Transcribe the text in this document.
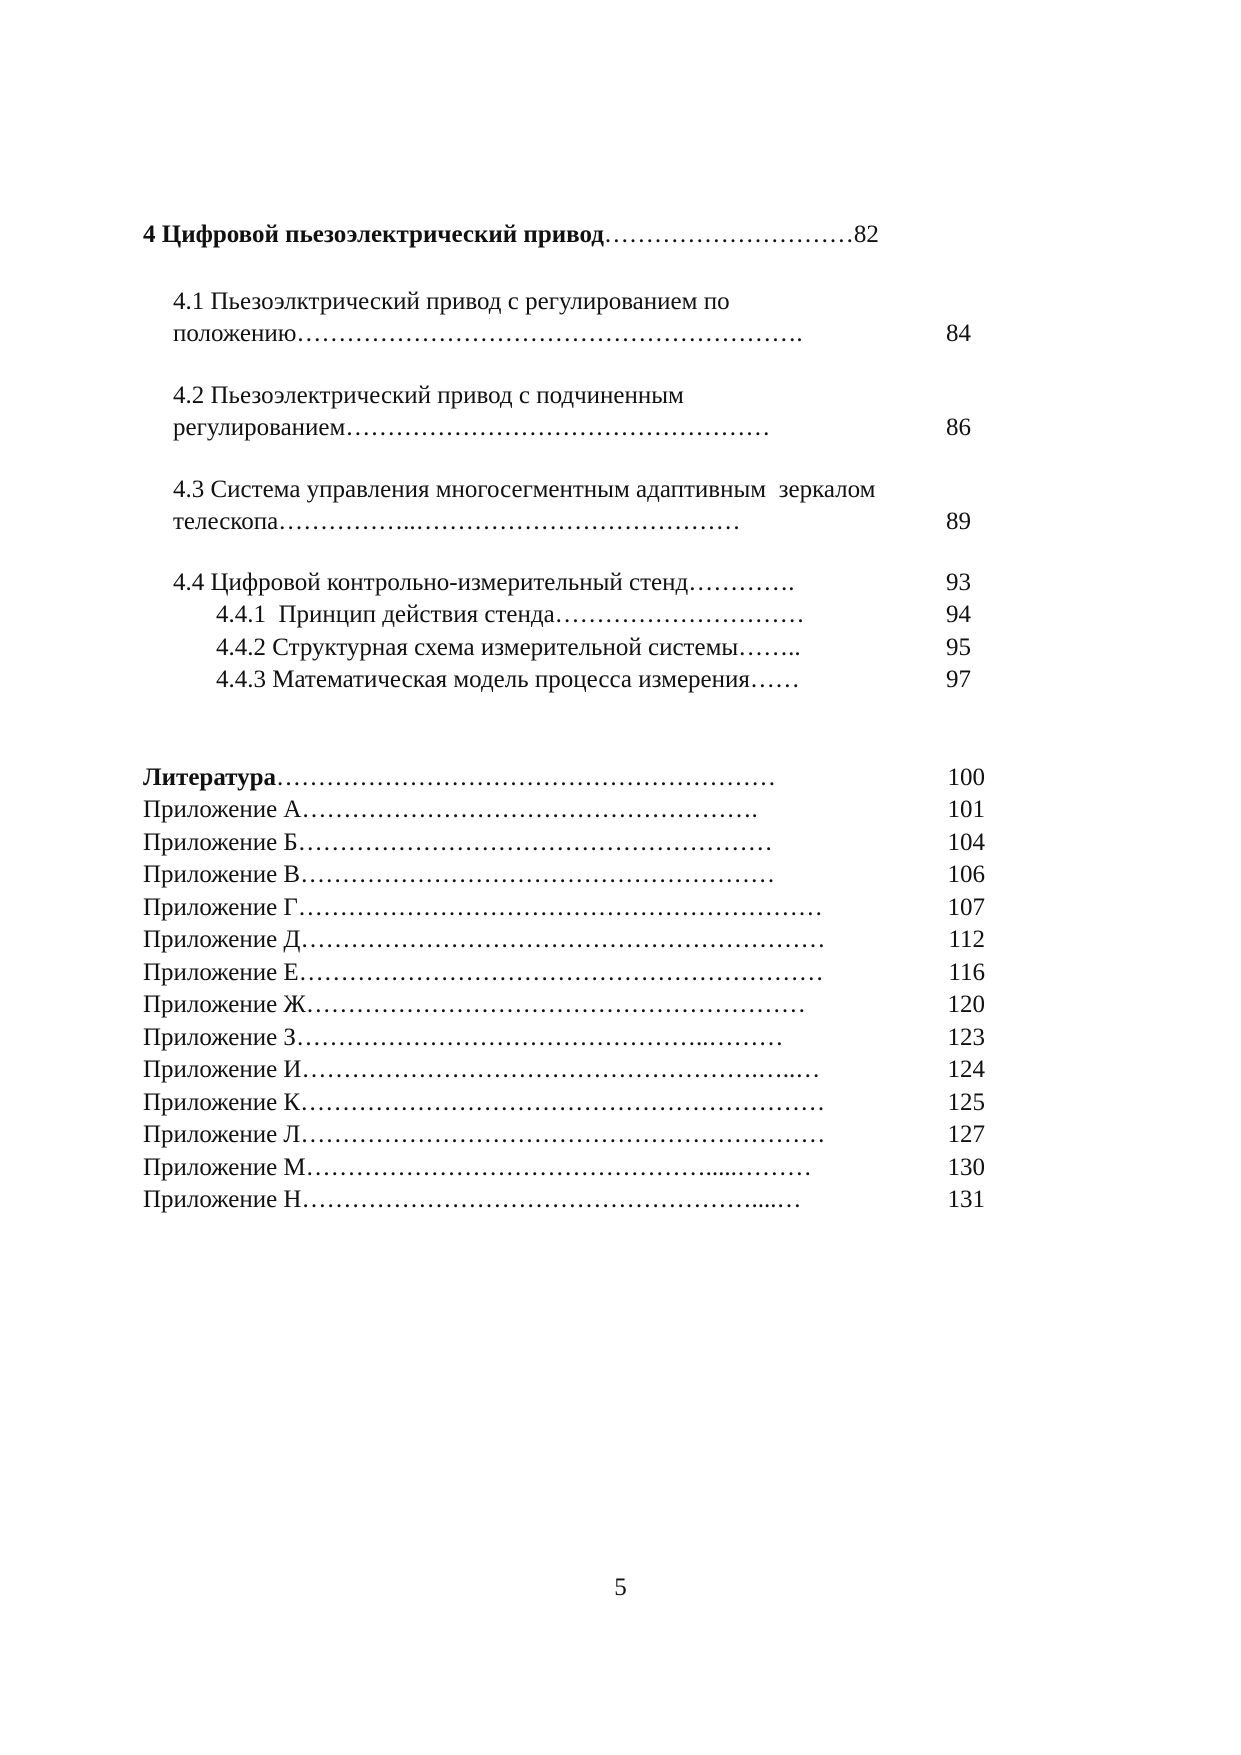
4 Цифровой пьезоэлектрический привод…………………………82
4.1 Пьезоэлктрический привод с регулированием по
положению…………………………………………………….	84
4.2 Пьезоэлектрический привод с подчиненным
регулированием……………………………………………	86
4.3 Система управления многосегментным адаптивным  зеркалом
телескопа……………..…………………………………	89
4.4 Цифровой контрольно-измерительный стенд………….	93
4.4.1  Принцип действия стенда…………………………	94
4.4.2 Структурная схема измерительной системы……..	95
4.4.3 Математическая модель процесса измерения……	97
Литература……………………………………………………	100
Приложение А……………………………………………….	101
Приложение Б…………………………………………………	104
Приложение В…………………………………………………	106
Приложение Г………………………………………………………	107
Приложение Д………………………………………………………	112
Приложение Е………………………………………………………	116
Приложение Ж……………………………………………………	120
Приложение З…………………………………………..………	123
Приложение И……………………………………………….…..…	124
Приложение К………………………………………………………	125
Приложение Л………………………………………………………	127
Приложение М………………………………………….....………	130
Приложение Н………………………………………………....…	131
5
